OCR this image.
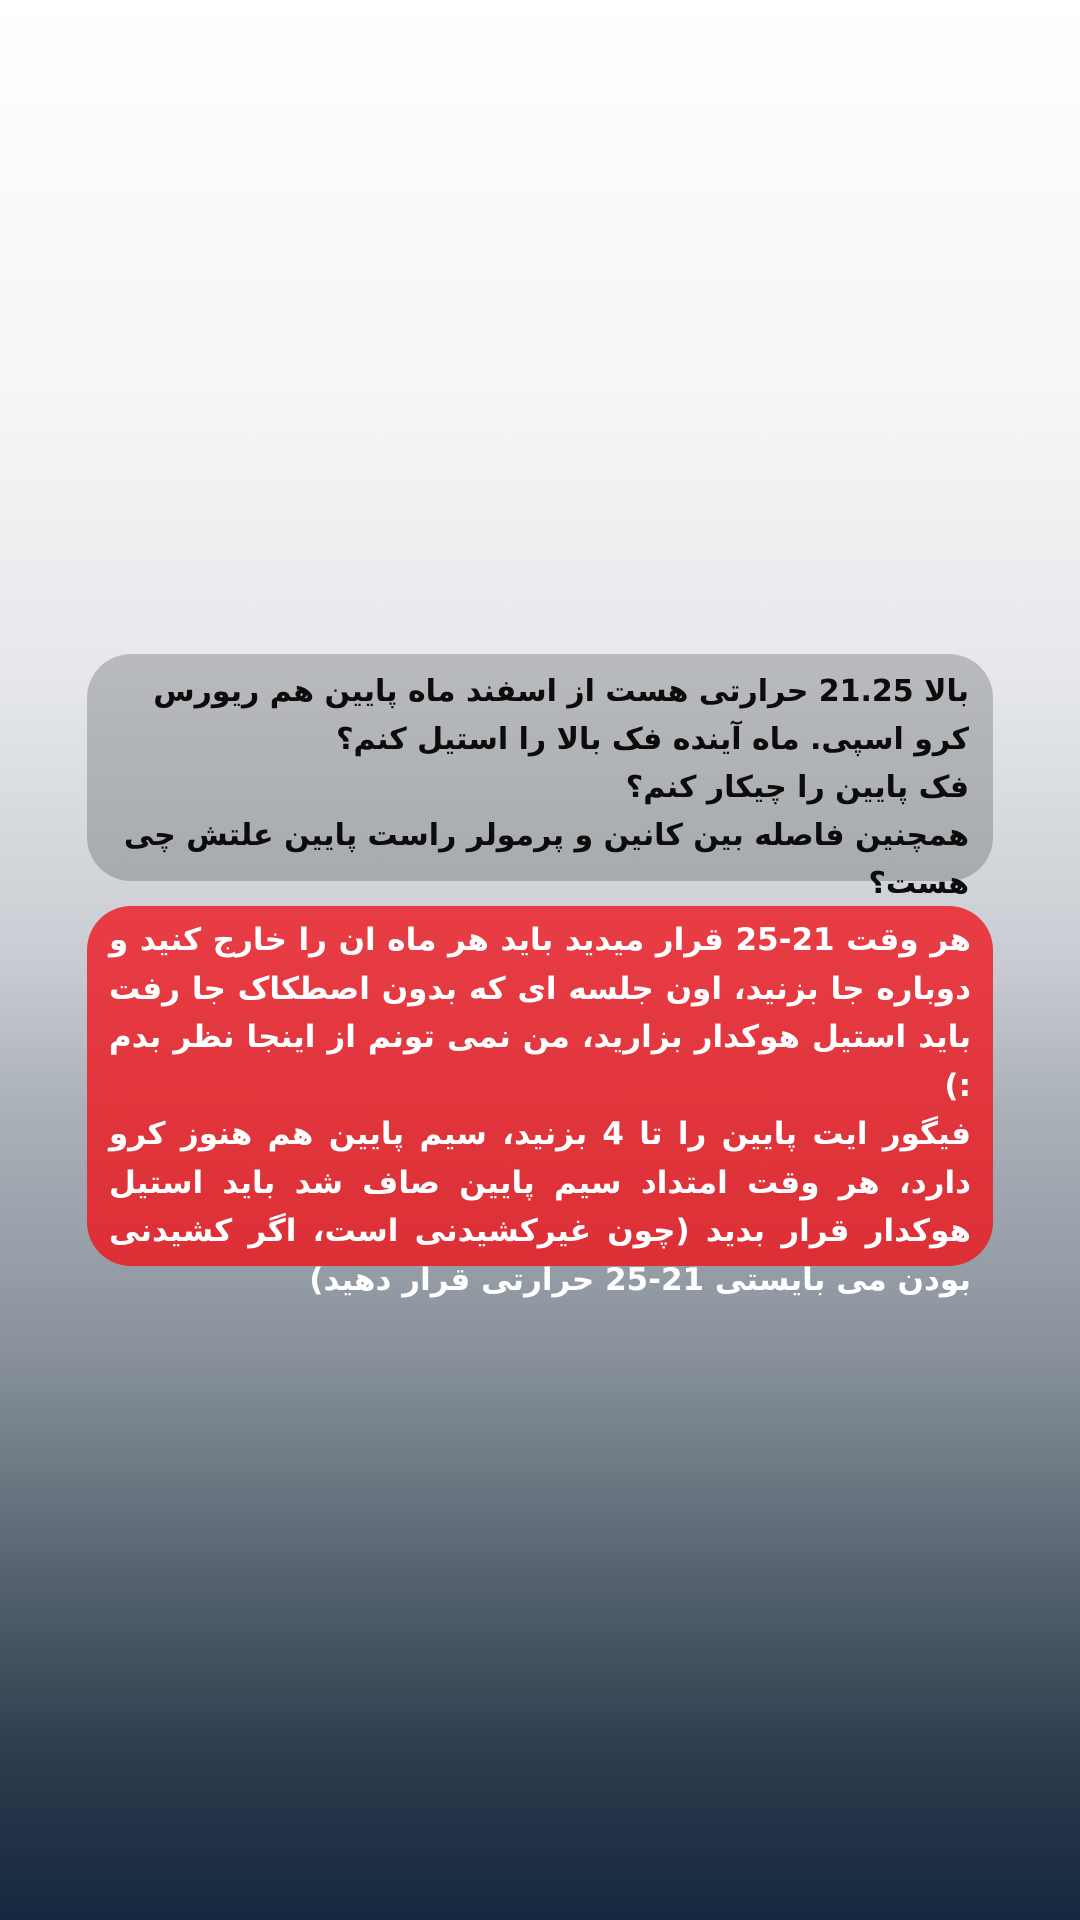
بالا 21.25 حرارتی هست از اسفند ماه پایین هم ریورس کرو اسپی. ماه آینده فک بالا را استیل کنم؟
فک پایین را چیکار کنم؟
همچنین فاصله بین کانین و پرمولر راست پایین علتش چی هست؟
هر وقت 21-25 قرار میدید باید هر ماه ان را خارج کنید و دوباره جا بزنید، اون جلسه ای که بدون اصطکاک جا رفت باید استیل هوکدار بزارید، من نمی تونم از اینجا نظر بدم :)
فیگور ایت پایین را تا 4 بزنید، سیم پایین هم هنوز کرو دارد، هر وقت امتداد سیم پایین صاف شد باید استیل هوکدار قرار بدید (چون غیرکشیدنی است، اگر کشیدنی بودن می بایستی 21-25 حرارتی قرار دهید)
